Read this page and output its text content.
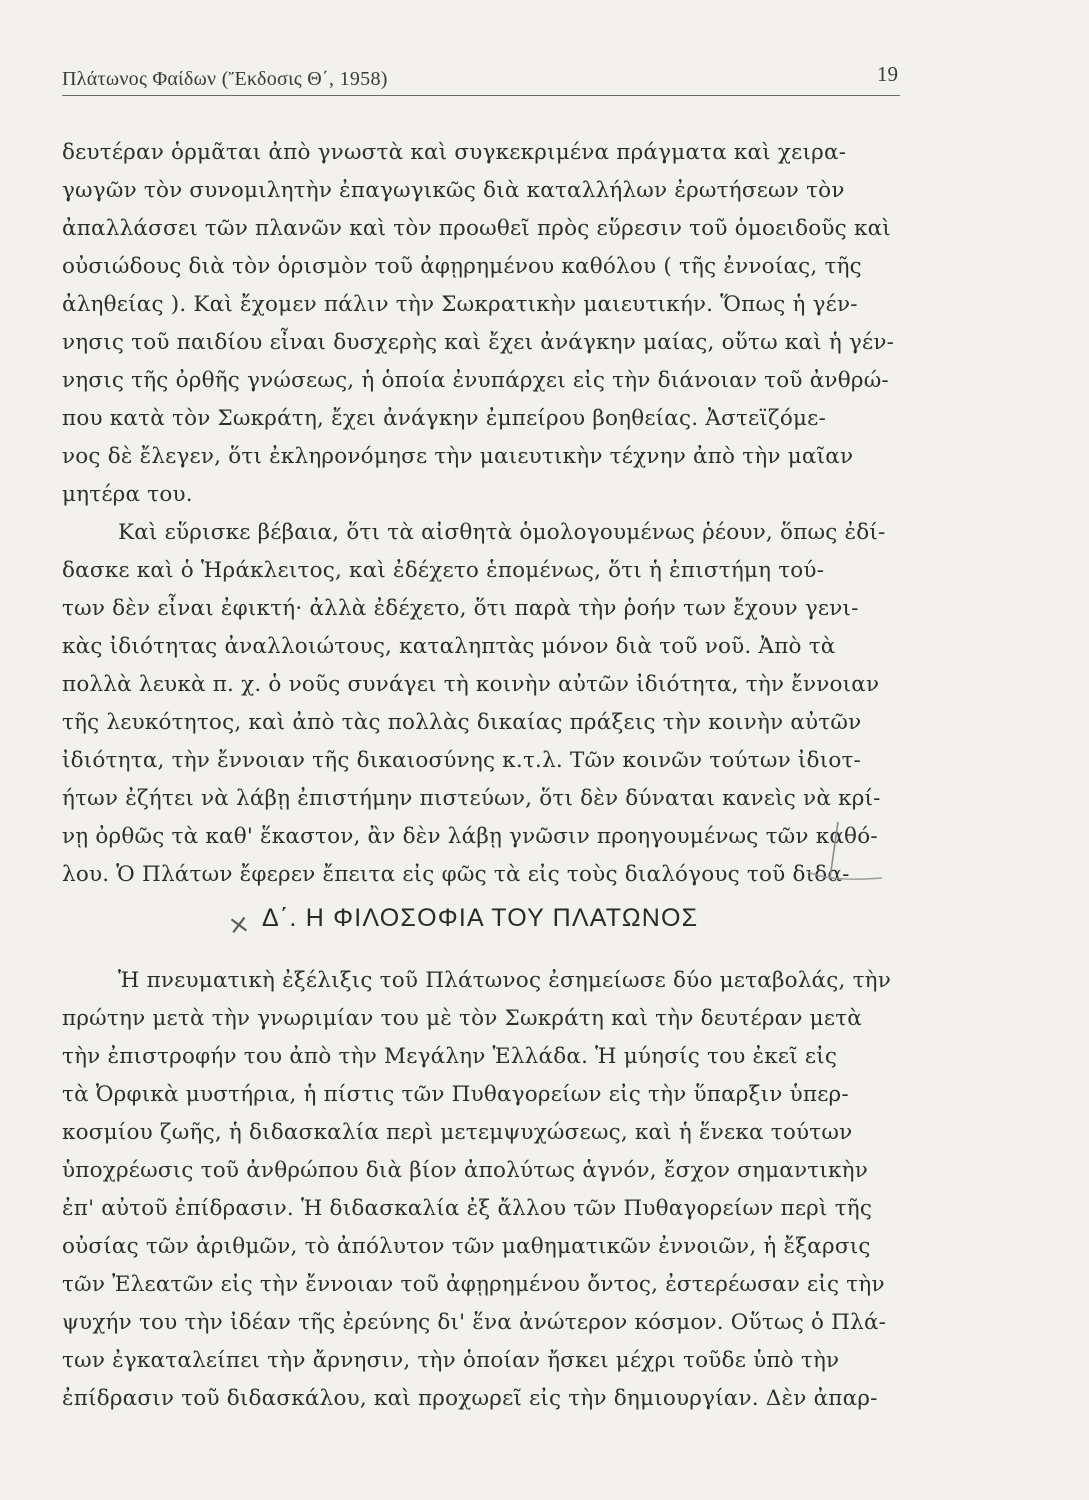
Πλάτωνος Φαίδων (Ἔκδοσις Θ΄, 1958)	19
δευτέραν ὁρμᾶται ἀπὸ γνωστὰ καὶ συγκεκριμένα πράγματα καὶ χειρα-
γωγῶν τὸν συνομιλητὴν ἐπαγωγικῶς διὰ καταλλήλων ἐρωτήσεων τὸν
ἀπαλλάσσει τῶν πλανῶν καὶ τὸν προωθεῖ πρὸς εὕρεσιν τοῦ ὁμοειδοῦς καὶ
οὐσιώδους διὰ τὸν ὁρισμὸν τοῦ ἀφῃρημένου καθόλου ( τῆς ἐννοίας, τῆς
ἀληθείας ). Καὶ ἔχομεν πάλιν τὴν Σωκρατικὴν μαιευτικήν. Ὅπως ἡ γέν-
νησις τοῦ παιδίου εἶναι δυσχερὴς καὶ ἔχει ἀνάγκην μαίας, οὕτω καὶ ἡ γέν-
νησις τῆς ὀρθῆς γνώσεως, ἡ ὁποία ἐνυπάρχει εἰς τὴν διάνοιαν τοῦ ἀνθρώ-
που κατὰ τὸν Σωκράτη, ἔχει ἀνάγκην ἐμπείρου βοηθείας. Ἀστεϊζόμε-
νος δὲ ἔλεγεν, ὅτι ἐκληρονόμησε τὴν μαιευτικὴν τέχνην ἀπὸ τὴν μαῖαν
μητέρα του.
Καὶ εὕρισκε βέβαια, ὅτι τὰ αἰσθητὰ ὁμολογουμένως ῥέουν, ὅπως ἐδί-
δασκε καὶ ὁ Ἡράκλειτος, καὶ ἐδέχετο ἑπομένως, ὅτι ἡ ἐπιστήμη τού-
των δὲν εἶναι ἐφικτή· ἀλλὰ ἐδέχετο, ὅτι παρὰ τὴν ῥοήν των ἔχουν γενι-
κὰς ἰδιότητας ἀναλλοιώτους, καταληπτὰς μόνον διὰ τοῦ νοῦ. Ἀπὸ τὰ
πολλὰ λευκὰ π. χ. ὁ νοῦς συνάγει τὴ κοινὴν αὐτῶν ἰδιότητα, τὴν ἔννοιαν
τῆς λευκότητος, καὶ ἀπὸ τὰς πολλὰς δικαίας πράξεις τὴν κοινὴν αὐτῶν
ἰδιότητα, τὴν ἔννοιαν τῆς δικαιοσύνης κ.τ.λ. Τῶν κοινῶν τούτων ἰδιοτ-
ήτων ἐζήτει νὰ λάβῃ ἐπιστήμην πιστεύων, ὅτι δὲν δύναται κανεὶς νὰ κρί-
νῃ ὀρθῶς τὰ καθ' ἕκαστον, ἂν δὲν λάβῃ γνῶσιν προηγουμένως τῶν καθό-
λου. Ὁ Πλάτων ἔφερεν ἔπειτα εἰς φῶς τὰ εἰς τοὺς διαλόγους τοῦ διδα-
× Δ΄. Η ΦΙΛΟΣΟΦΙΑ ΤΟΥ ΠΛΑΤΩΝΟΣ
Ἡ πνευματικὴ ἐξέλιξις τοῦ Πλάτωνος ἐσημείωσε δύο μεταβολάς, τὴν
πρώτην μετὰ τὴν γνωριμίαν του μὲ τὸν Σωκράτη καὶ τὴν δευτέραν μετὰ
τὴν ἐπιστροφήν του ἀπὸ τὴν Μεγάλην Ἑλλάδα. Ἡ μύησίς του ἐκεῖ εἰς
τὰ Ὀρφικὰ μυστήρια, ἡ πίστις τῶν Πυθαγορείων εἰς τὴν ὕπαρξιν ὑπερ-
κοσμίου ζωῆς, ἡ διδασκαλία περὶ μετεμψυχώσεως, καὶ ἡ ἕνεκα τούτων
ὑποχρέωσις τοῦ ἀνθρώπου διὰ βίον ἀπολύτως ἁγνόν, ἔσχον σημαντικὴν
ἐπ' αὐτοῦ ἐπίδρασιν. Ἡ διδασκαλία ἐξ ἄλλου τῶν Πυθαγορείων περὶ τῆς
οὐσίας τῶν ἀριθμῶν, τὸ ἀπόλυτον τῶν μαθηματικῶν ἐννοιῶν, ἡ ἔξαρσις
τῶν Ἐλεατῶν εἰς τὴν ἔννοιαν τοῦ ἀφῃρημένου ὄντος, ἐστερέωσαν εἰς τὴν
ψυχήν του τὴν ἰδέαν τῆς ἐρεύνης δι' ἕνα ἀνώτερον κόσμον. Οὕτως ὁ Πλά-
των ἐγκαταλείπει τὴν ἄρνησιν, τὴν ὁποίαν ἤσκει μέχρι τοῦδε ὑπὸ τὴν
ἐπίδρασιν τοῦ διδασκάλου, καὶ προχωρεῖ εἰς τὴν δημιουργίαν. Δὲν ἀπαρ-
